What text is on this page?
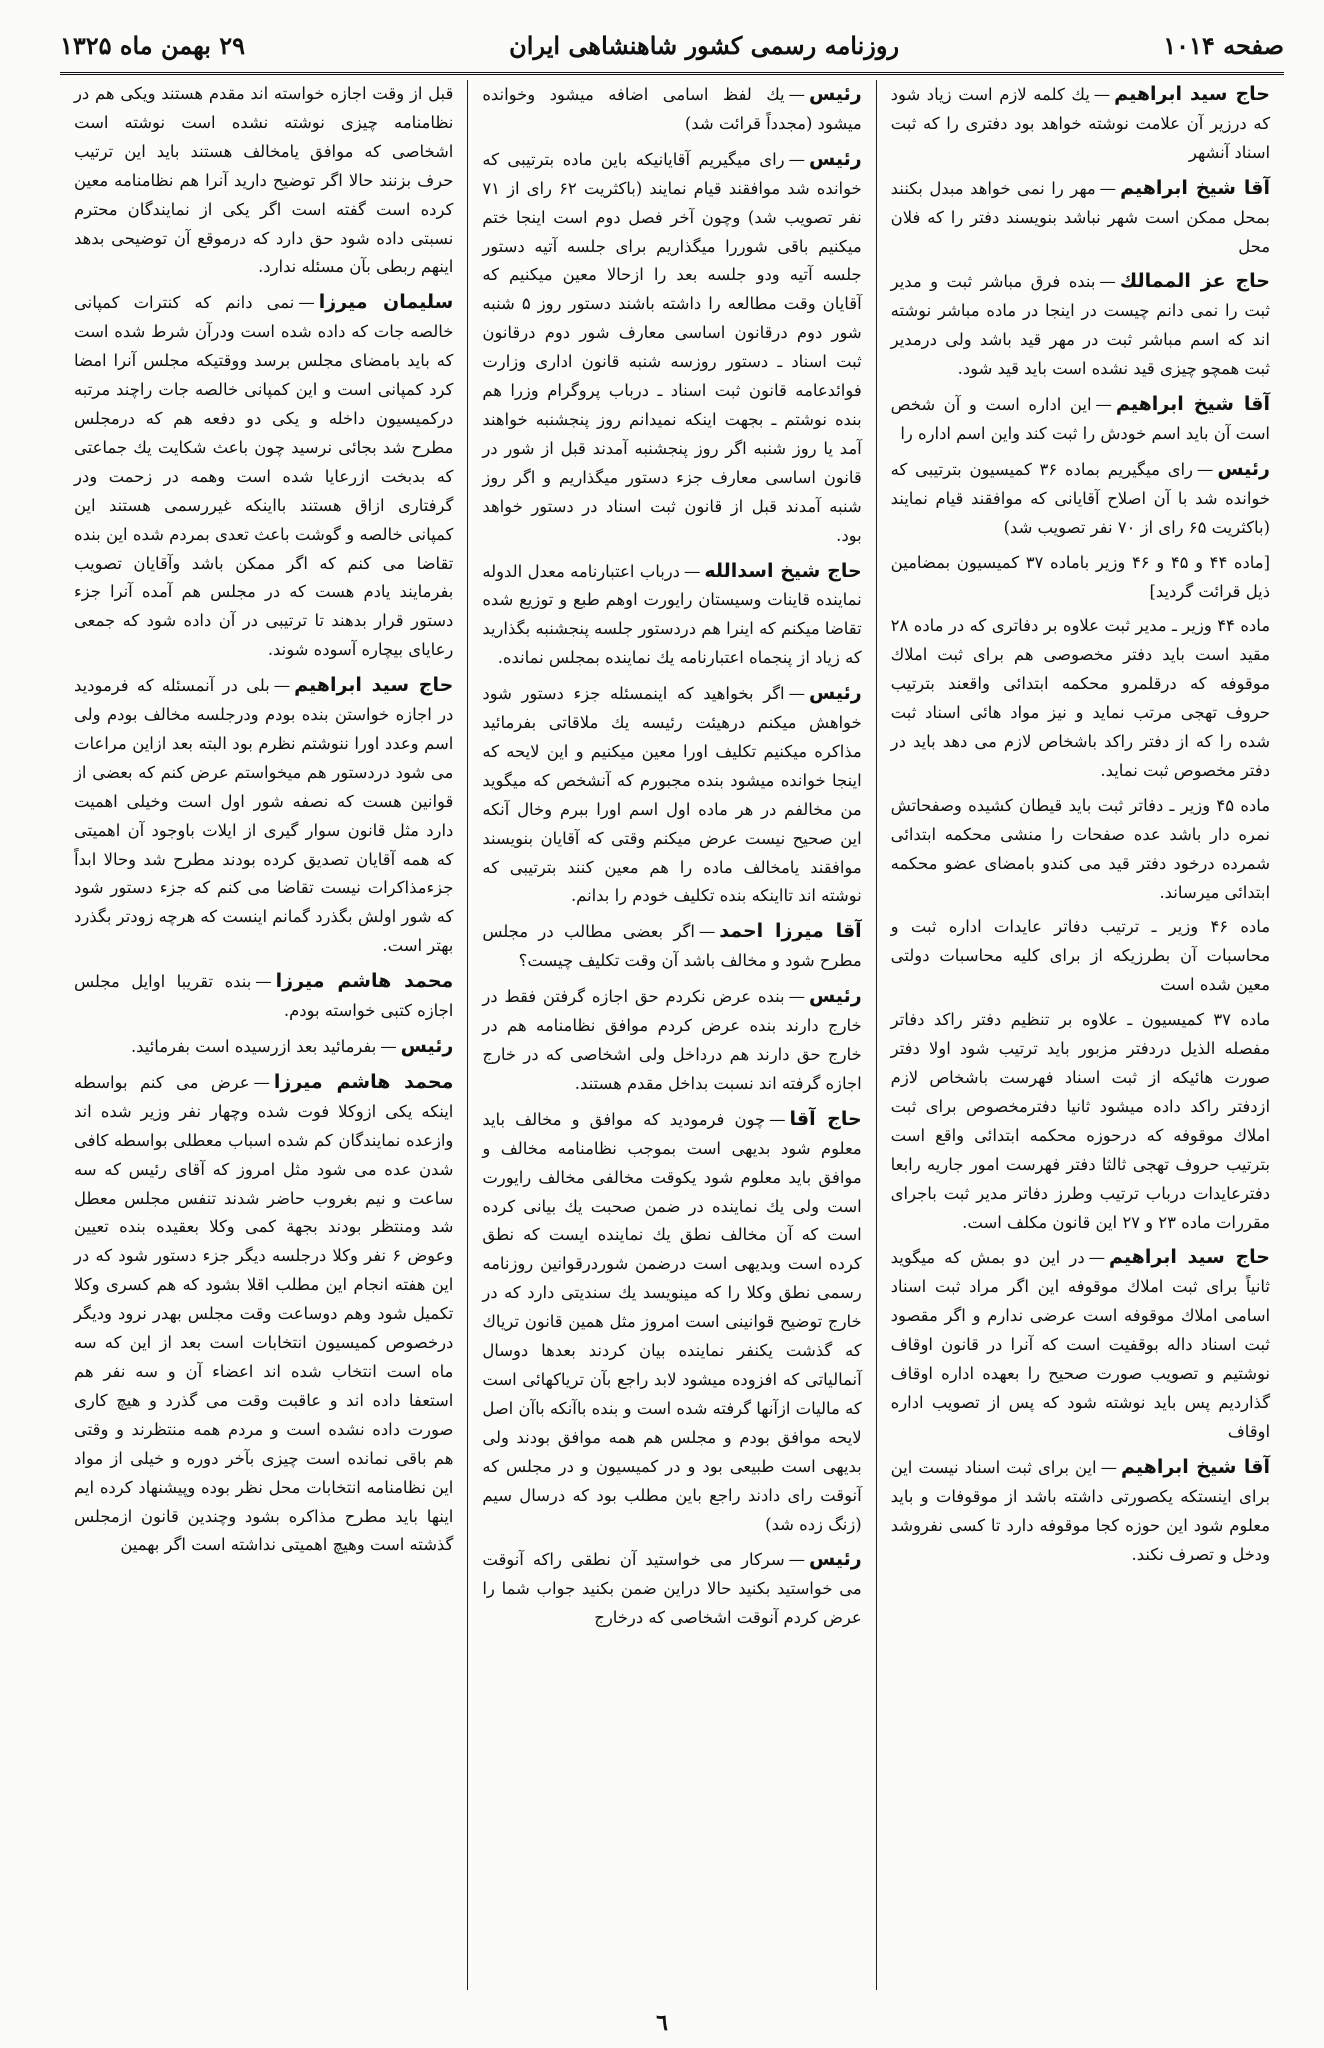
صفحه ۱۰۱۴
روزنامه رسمی کشور شاهنشاهی ایران
۲۹ بهمن ماه ۱۳۲۵

حاج سید ابراهیم—یك كلمه لازم است زیاد شود كه درزیر آن علامت نوشته خواهد بود دفتری را كه ثبت اسناد آنشهر

آقا شیخ ابراهیم—مهر را نمی خواهد مبدل بكنند بمحل ممكن است شهر نباشد بنویسند دفتر را كه فلان محل

حاج عز الممالك—بنده فرق مباشر ثبت و مدیر ثبت را نمی دانم چیست در اینجا در ماده مباشر نوشته اند كه اسم مباشر ثبت در مهر قید باشد ولی درمدیر ثبت همچو چیزی قید نشده است باید قید شود.

آقا شیخ ابراهیم—این اداره است و آن شخص است آن باید اسم خودش را ثبت كند واین اسم اداره را

رئیس—رای میگیریم بماده ۳۶ كمیسیون بترتیبی كه خوانده شد با آن اصلاح آقایانی كه موافقند قیام نمایند (باكثریت ۶۵ رای از ۷۰ نفر تصویب شد)

[ماده ۴۴ و ۴۵ و ۴۶ وزیر باماده ۳۷ كمیسیون بمضامین ذیل قرائت گردید]

ماده ۴۴ وزیر ـ مدیر ثبت علاوه بر دفاتری كه در ماده ۲۸ مقید است باید دفتر مخصوصی هم برای ثبت املاك موقوفه كه درقلمرو محكمه ابتدائی واقعند بترتیب حروف تهجی مرتب نماید و نیز مواد هائی اسناد ثبت شده را كه از دفتر راكد باشخاص لازم می دهد باید در دفتر مخصوص ثبت نماید.

ماده ۴۵ وزیر ـ دفاتر ثبت باید قیطان كشیده وصفحاتش نمره دار باشد عده صفحات را منشی محكمه ابتدائی شمرده درخود دفتر قید می كندو بامضای عضو محكمه ابتدائی میرساند.

ماده ۴۶ وزیر ـ ترتیب دفاتر عایدات اداره ثبت و محاسبات آن بطرزیكه از برای كلیه محاسبات دولتی معین شده است

ماده ۳۷ كمیسیون ـ علاوه بر تنظیم دفتر راكد دفاتر مفصله الذیل دردفتر مزبور باید ترتیب شود اولا دفتر صورت هائیكه از ثبت اسناد فهرست باشخاص لازم ازدفتر راكد داده میشود ثانیا دفترمخصوص برای ثبت املاك موقوفه كه درحوزه محكمه ابتدائی واقع است بترتیب حروف تهجی ثالثا دفتر فهرست امور جاریه رابعا دفترعایدات درباب ترتیب وطرز دفاتر مدیر ثبت باجرای مقررات ماده ۲۳ و ۲۷ این قانون مكلف است.

حاج سید ابراهیم—در این دو بمش كه میگوید ثانیاً برای ثبت املاك موقوفه این اگر مراد ثبت اسناد اسامی املاك موقوفه است عرضی ندارم و اگر مقصود ثبت اسناد داله بوقفیت است كه آنرا در قانون اوقاف نوشتیم و تصویب صورت صحیح را بعهده اداره اوقاف گذاردیم پس باید نوشته شود كه پس از تصویب اداره اوقاف

آقا شیخ ابراهیم—این برای ثبت اسناد نیست این برای اینستكه یكصورتی داشته باشد از موقوفات و باید معلوم شود این حوزه كجا موقوفه دارد تا كسی نفروشد ودخل و تصرف نكند.

رئیس—یك لفظ اسامی اضافه میشود وخوانده میشود (مجدداً قرائت شد)

رئیس—رای میگیریم آقایانیكه باین ماده بترتیبی كه خوانده شد موافقند قیام نمایند (باكثریت ۶۲ رای از ۷۱ نفر تصویب شد) وچون آخر فصل دوم است اینجا ختم میكنیم باقی شوررا میگذاریم برای جلسه آتیه دستور جلسه آتیه ودو جلسه بعد را ازحالا معین میكنیم كه آقایان وقت مطالعه را داشته باشند دستور روز ۵ شنبه شور دوم درقانون اساسی معارف شور دوم درقانون ثبت اسناد ـ دستور روزسه شنبه قانون اداری وزارت فوائدعامه قانون ثبت اسناد ـ درباب پروگرام وزرا هم بنده نوشتم ـ بجهت اینكه نمیدانم روز پنجشنبه خواهند آمد یا روز شنبه اگر روز پنجشنبه آمدند قبل از شور در قانون اساسی معارف جزء دستور میگذاریم و اگر روز شنبه آمدند قبل از قانون ثبت اسناد در دستور خواهد بود.

حاج شیخ اسدالله—درباب اعتبارنامه معدل الدوله نماینده قاینات وسیستان رایورت اوهم طبع و توزیع شده تقاضا میكنم كه اینرا هم دردستور جلسه پنجشنبه بگذارید كه زیاد از پنجماه اعتبارنامه یك نماینده بمجلس نمانده.

رئیس—اگر بخواهید كه اینمسئله جزء دستور شود خواهش میكنم درهیئت رئیسه یك ملاقاتی بفرمائید مذاكره میكنیم تكلیف اورا معین میكنیم و این لایحه كه اینجا خوانده میشود بنده مجبورم كه آنشخص كه میگوید من مخالفم در هر ماده اول اسم اورا ببرم وخال آنكه این صحیح نیست عرض میكنم وقتی كه آقایان بنویسند موافقند یامخالف ماده را هم معین كنند بترتیبی كه نوشته اند تااینكه بنده تكلیف خودم را بدانم.

آقا میرزا احمد—اگر بعضی مطالب در مجلس مطرح شود و مخالف باشد آن وقت تكلیف چیست؟

رئیس—بنده عرض نكردم حق اجازه گرفتن فقط در خارج دارند بنده عرض كردم موافق نظامنامه هم در خارج حق دارند هم درداخل ولی اشخاصی كه در خارج اجازه گرفته اند نسبت بداخل مقدم هستند.

حاج آقا—چون فرمودید كه موافق و مخالف باید معلوم شود بدیهی است بموجب نظامنامه مخالف و موافق باید معلوم شود یكوقت مخالفی مخالف رایورت است ولی یك نماینده در ضمن صحبت یك بیانی كرده است كه آن مخالف نطق یك نماینده ایست كه نطق كرده است وبدیهی است درضمن شوردرقوانین روزنامه رسمی نطق وكلا را كه مینویسد یك سندیتی دارد كه در خارج توضیح قوانینی است امروز مثل همین قانون تریاك كه گذشت یكنفر نماینده بیان كردند بعدها دوسال آنمالیاتی كه افزوده میشود لابد راجع بآن تریاكهائی است كه مالیات ازآنها گرفته شده است و بنده باآنكه باآن اصل لایحه موافق بودم و مجلس هم همه موافق بودند ولی بدیهی است طبیعی بود و در كمیسیون و در مجلس كه آنوقت رای دادند راجع باین مطلب بود كه درسال سیم (زنگ زده شد)

رئیس—سركار می خواستید آن نطقی راكه آنوقت می خواستید بكنید حالا دراین ضمن بكنید جواب شما را عرض كردم آنوقت اشخاصی كه درخارج

قبل از وقت اجازه خواسته اند مقدم هستند ویكی هم در نظامنامه چیزی نوشته نشده است نوشته است اشخاصی كه موافق یامخالف هستند باید این ترتیب حرف بزنند حالا اگر توضیح دارید آنرا هم نظامنامه معین كرده است گفته است اگر یكی از نمایندگان محترم نسبتی داده شود حق دارد كه درموقع آن توضیحی بدهد اینهم ربطی بآن مسئله ندارد.

سلیمان میرزا—نمی دانم كه كنترات كمپانی خالصه جات كه داده شده است ودرآن شرط شده است كه باید بامضای مجلس برسد ووقتیكه مجلس آنرا امضا كرد كمپانی است و این كمپانی خالصه جات راچند مرتبه دركمیسیون داخله و یكی دو دفعه هم كه درمجلس مطرح شد بجائی نرسید چون باعث شكایت یك جماعتی كه بدبخت ازرعایا شده است وهمه در زحمت ودر گرفتاری ازاق هستند بااینكه غیررسمی هستند این كمپانی خالصه و گوشت باعث تعدی بمردم شده این بنده تقاضا می كنم كه اگر ممكن باشد وآقایان تصویب بفرمایند یادم هست كه در مجلس هم آمده آنرا جزء دستور قرار بدهند تا ترتیبی در آن داده شود كه جمعی رعایای بیچاره آسوده شوند.

حاج سید ابراهیم—بلی در آنمسئله كه فرمودید در اجازه خواستن بنده بودم ودرجلسه مخالف بودم ولی اسم وعدد اورا ننوشتم نظرم بود البته بعد ازاین مراعات می شود دردستور هم میخواستم عرض كنم كه بعضی از قوانین هست كه نصفه شور اول است وخیلی اهمیت دارد مثل قانون سوار گیری از ایلات باوجود آن اهمیتی كه همه آقایان تصدیق كرده بودند مطرح شد وحالا ابداً جزءمذاكرات نیست تقاضا می كنم كه جزء دستور شود كه شور اولش بگذرد گمانم اینست كه هرچه زودتر بگذرد بهتر است.

محمد هاشم میرزا—بنده تقریبا اوایل مجلس اجازه كتبی خواسته بودم.

رئیس—بفرمائید بعد ازرسیده است بفرمائید.

محمد هاشم میرزا—عرض می كنم بواسطه اینكه یكی ازوكلا فوت شده وچهار نفر وزیر شده اند وازعده نمایندگان كم شده اسباب معطلی بواسطه كافی شدن عده می شود مثل امروز كه آقای رئیس كه سه ساعت و نیم بغروب حاضر شدند تنفس مجلس معطل شد ومنتظر بودند بجهة كمی وكلا بعقیده بنده تعیین وعوض ۶ نفر وكلا درجلسه دیگر جزء دستور شود كه در این هفته انجام این مطلب اقلا بشود كه هم كسری وكلا تكمیل شود وهم دوساعت وقت مجلس بهدر نرود ودیگر درخصوص كمیسیون انتخابات است بعد از این كه سه ماه است انتخاب شده اند اعضاء آن و سه نفر هم استعفا داده اند و عاقبت وقت می گذرد و هیچ كاری صورت داده نشده است و مردم همه منتظرند و وقتی هم باقی نمانده است چیزی بآخر دوره و خیلی از مواد این نظامنامه انتخابات محل نظر بوده وپیشنهاد كرده ایم اینها باید مطرح مذاكره بشود وچندین قانون ازمجلس گذشته است وهیچ اهمیتی نداشته است اگر بهمین

٦
